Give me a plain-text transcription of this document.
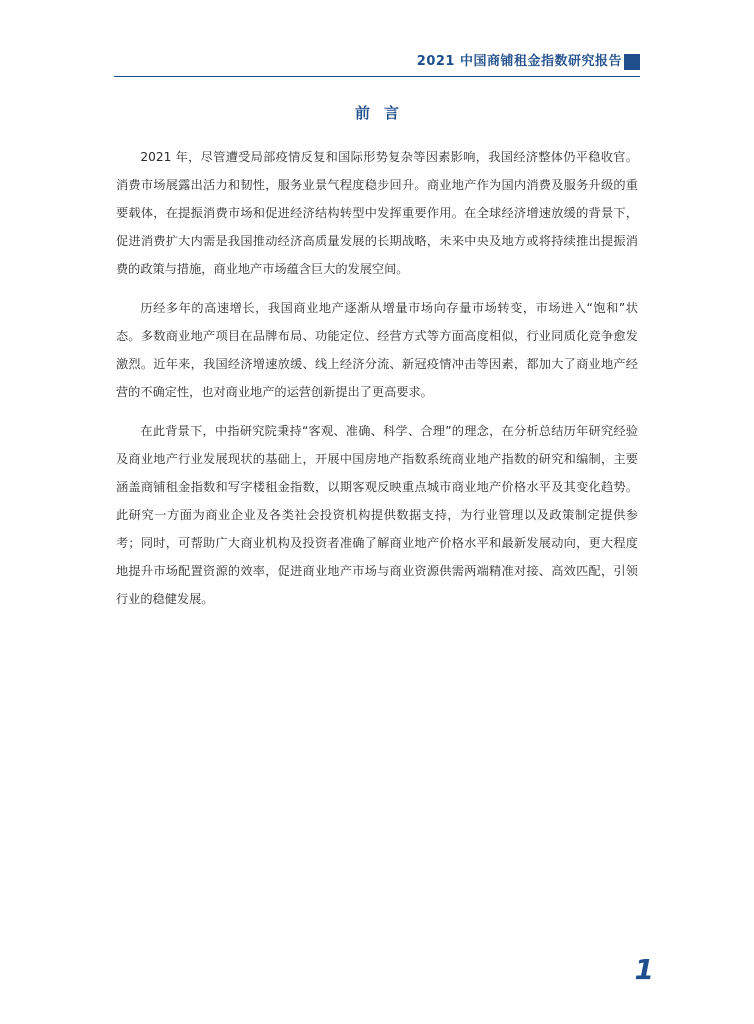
2021 中国商铺租金指数研究报告
前言

2021 年，尽管遭受局部疫情反复和国际形势复杂等因素影响，我国经济整体仍平稳收官。消费市场展露出活力和韧性，服务业景气程度稳步回升。商业地产作为国内消费及服务升级的重要载体，在提振消费市场和促进经济结构转型中发挥重要作用。在全球经济增速放缓的背景下，促进消费扩大内需是我国推动经济高质量发展的长期战略，未来中央及地方或将持续推出提振消费的政策与措施，商业地产市场蕴含巨大的发展空间。

历经多年的高速增长，我国商业地产逐渐从增量市场向存量市场转变，市场进入“饱和”状态。多数商业地产项目在品牌布局、功能定位、经营方式等方面高度相似，行业同质化竞争愈发激烈。近年来，我国经济增速放缓、线上经济分流、新冠疫情冲击等因素，都加大了商业地产经营的不确定性，也对商业地产的运营创新提出了更高要求。

在此背景下，中指研究院秉持“客观、准确、科学、合理”的理念，在分析总结历年研究经验及商业地产行业发展现状的基础上，开展中国房地产指数系统商业地产指数的研究和编制，主要涵盖商铺租金指数和写字楼租金指数，以期客观反映重点城市商业地产价格水平及其变化趋势。此研究一方面为商业企业及各类社会投资机构提供数据支持，为行业管理以及政策制定提供参考；同时，可帮助广大商业机构及投资者准确了解商业地产价格水平和最新发展动向，更大程度地提升市场配置资源的效率，促进商业地产市场与商业资源供需两端精准对接、高效匹配，引领行业的稳健发展。

1
